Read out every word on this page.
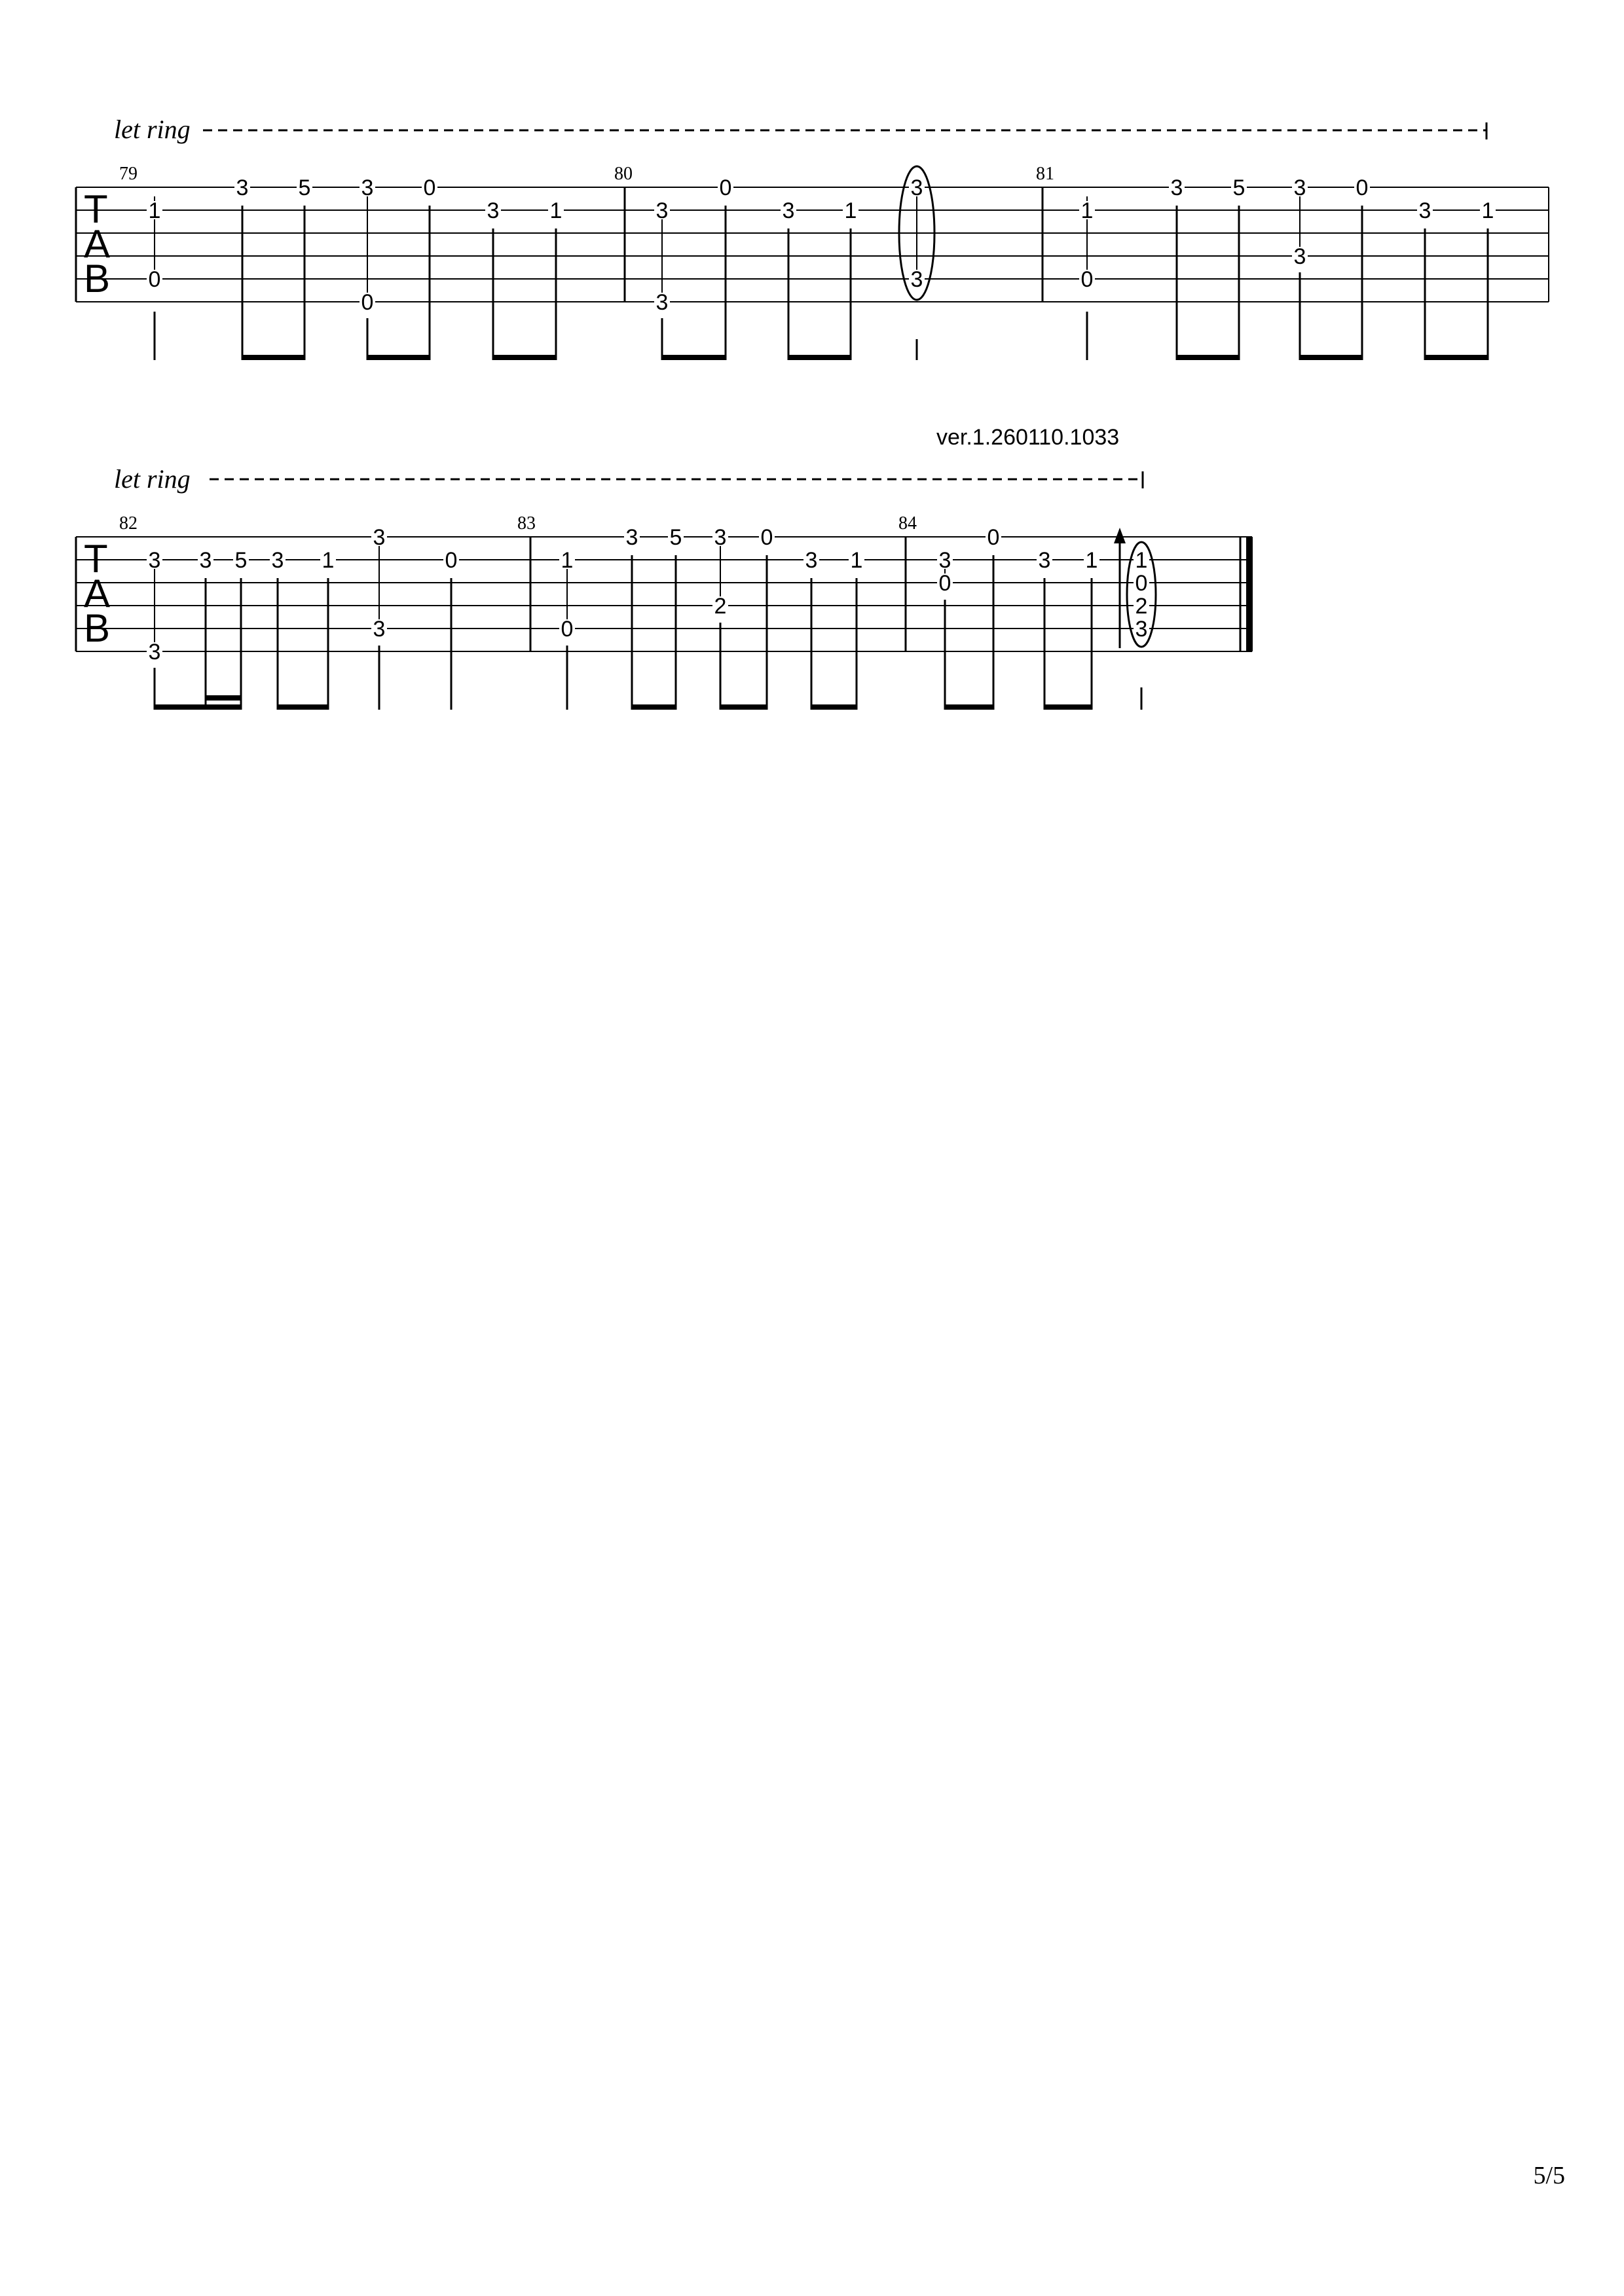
let ring
T
A
B
79
1
0
3 5 3
0
0
3 1
80
3
3
0
3 1
3
3
81
1
0
3 5 3
3
0
3 1
ver.1.260110.1033
let ring
T
A
B
82
3
3
3 5 3 1
3
3
0
83
1
0
3 5 3
2
0
3 1
84
3
0
0
3 1 1
0
2
3
5/5
